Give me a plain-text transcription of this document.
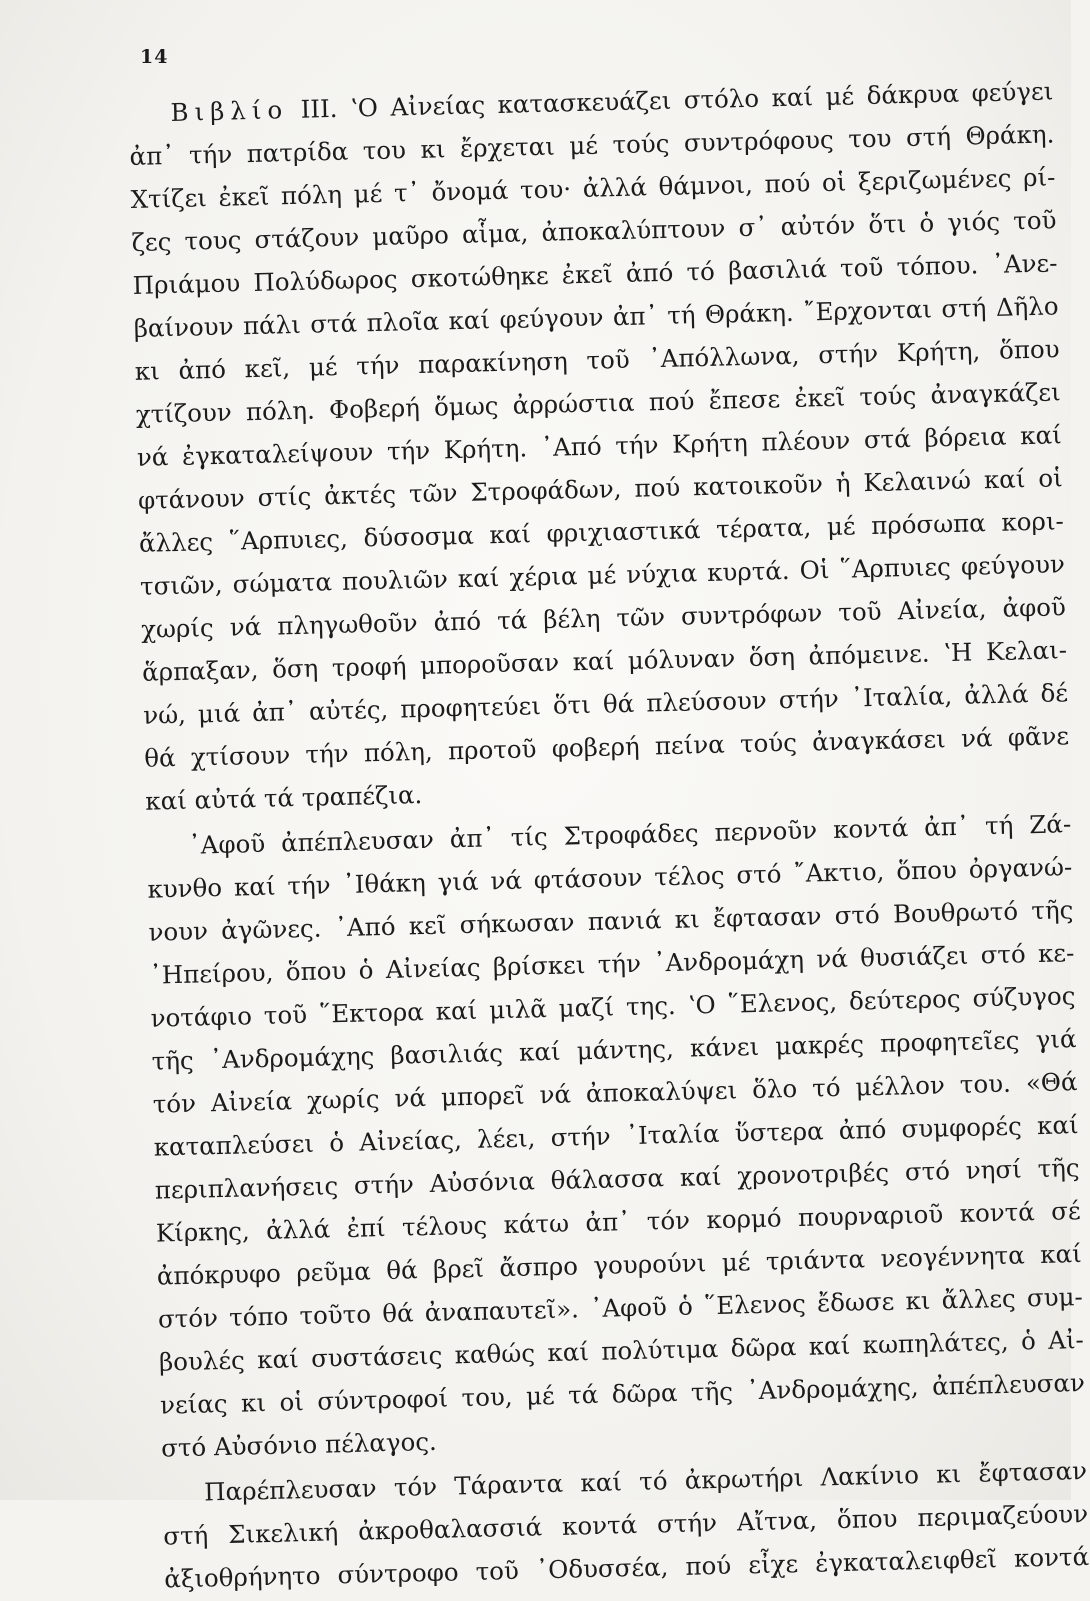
14
Βιβλίο III. ʽΟ Αἰνείας κατασκευάζει στόλο καί μέ δάκρυα φεύγει
ἀπ᾽ τήν πατρίδα του κι ἔρχεται μέ τούς συντρόφους του στή Θράκη.
Χτίζει ἐκεῖ πόλη μέ τ᾽ ὄνομά του· ἀλλά θάμνοι, πού οἱ ξεριζωμένες ρί-
ζες τους στάζουν μαῦρο αἷμα, ἀποκαλύπτουν σ᾽ αὐτόν ὅτι ὁ γιός τοῦ
Πριάμου Πολύδωρος σκοτώθηκε ἐκεῖ ἀπό τό βασιλιά τοῦ τόπου. ᾿Ανε-
βαίνουν πάλι στά πλοῖα καί φεύγουν ἀπ᾽ τή Θράκη. ῎Ερχονται στή Δῆλο
κι ἀπό κεῖ, μέ τήν παρακίνηση τοῦ ᾿Απόλλωνα, στήν Κρήτη, ὅπου
χτίζουν πόλη. Φοβερή ὅμως ἀρρώστια πού ἔπεσε ἐκεῖ τούς ἀναγκάζει
νά ἐγκαταλείψουν τήν Κρήτη. ᾿Από τήν Κρήτη πλέουν στά βόρεια καί
φτάνουν στίς ἀκτές τῶν Στροφάδων, πού κατοικοῦν ἡ Κελαινώ καί οἱ
ἄλλες ῞Αρπυιες, δύσοσμα καί φριχιαστικά τέρατα, μέ πρόσωπα κορι-
τσιῶν, σώματα πουλιῶν καί χέρια μέ νύχια κυρτά. Οἱ ῞Αρπυιες φεύγουν
χωρίς νά πληγωθοῦν ἀπό τά βέλη τῶν συντρόφων τοῦ Αἰνεία, ἀφοῦ
ἅρπαξαν, ὅση τροφή μποροῦσαν καί μόλυναν ὅση ἀπόμεινε. ʽΗ Κελαι-
νώ, μιά ἀπ᾽ αὐτές, προφητεύει ὅτι θά πλεύσουν στήν ᾿Ιταλία, ἀλλά δέ
θά χτίσουν τήν πόλη, προτοῦ φοβερή πείνα τούς ἀναγκάσει νά φᾶνε
καί αὐτά τά τραπέζια.
᾿Αφοῦ ἀπέπλευσαν ἀπ᾽ τίς Στροφάδες περνοῦν κοντά ἀπ᾽ τή Ζά-
κυνθο καί τήν ᾿Ιθάκη γιά νά φτάσουν τέλος στό ῎Ακτιο, ὅπου ὀργανώ-
νουν ἀγῶνες. ᾿Από κεῖ σήκωσαν πανιά κι ἔφτασαν στό Βουθρωτό τῆς
᾿Ηπείρου, ὅπου ὁ Αἰνείας βρίσκει τήν ᾿Ανδρομάχη νά θυσιάζει στό κε-
νοτάφιο τοῦ ῞Εκτορα καί μιλᾶ μαζί της. ʽΟ ῞Ελενος, δεύτερος σύζυγος
τῆς ᾿Ανδρομάχης βασιλιάς καί μάντης, κάνει μακρές προφητεῖες γιά
τόν Αἰνεία χωρίς νά μπορεῖ νά ἀποκαλύψει ὅλο τό μέλλον του. «Θά
καταπλεύσει ὁ Αἰνείας, λέει, στήν ᾿Ιταλία ὕστερα ἀπό συμφορές καί
περιπλανήσεις στήν Αὐσόνια θάλασσα καί χρονοτριβές στό νησί τῆς
Κίρκης, ἀλλά ἐπί τέλους κάτω ἀπ᾽ τόν κορμό πουρναριοῦ κοντά σέ
ἀπόκρυφο ρεῦμα θά βρεῖ ἄσπρο γουρούνι μέ τριάντα νεογέννητα καί
στόν τόπο τοῦτο θά ἀναπαυτεῖ». ᾿Αφοῦ ὁ ῞Ελενος ἔδωσε κι ἄλλες συμ-
βουλές καί συστάσεις καθώς καί πολύτιμα δῶρα καί κωπηλάτες, ὁ Αἰ-
νείας κι οἱ σύντροφοί του, μέ τά δῶρα τῆς ᾿Ανδρομάχης, ἀπέπλευσαν
στό Αὐσόνιο πέλαγος.
Παρέπλευσαν τόν Τάραντα καί τό ἀκρωτήρι Λακίνιο κι ἔφτασαν
στή Σικελική ἀκροθαλασσιά κοντά στήν Αἴτνα, ὅπου περιμαζεύουν
ἀξιοθρήνητο σύντροφο τοῦ ᾿Οδυσσέα, πού εἶχε ἐγκαταλειφθεῖ κοντά
